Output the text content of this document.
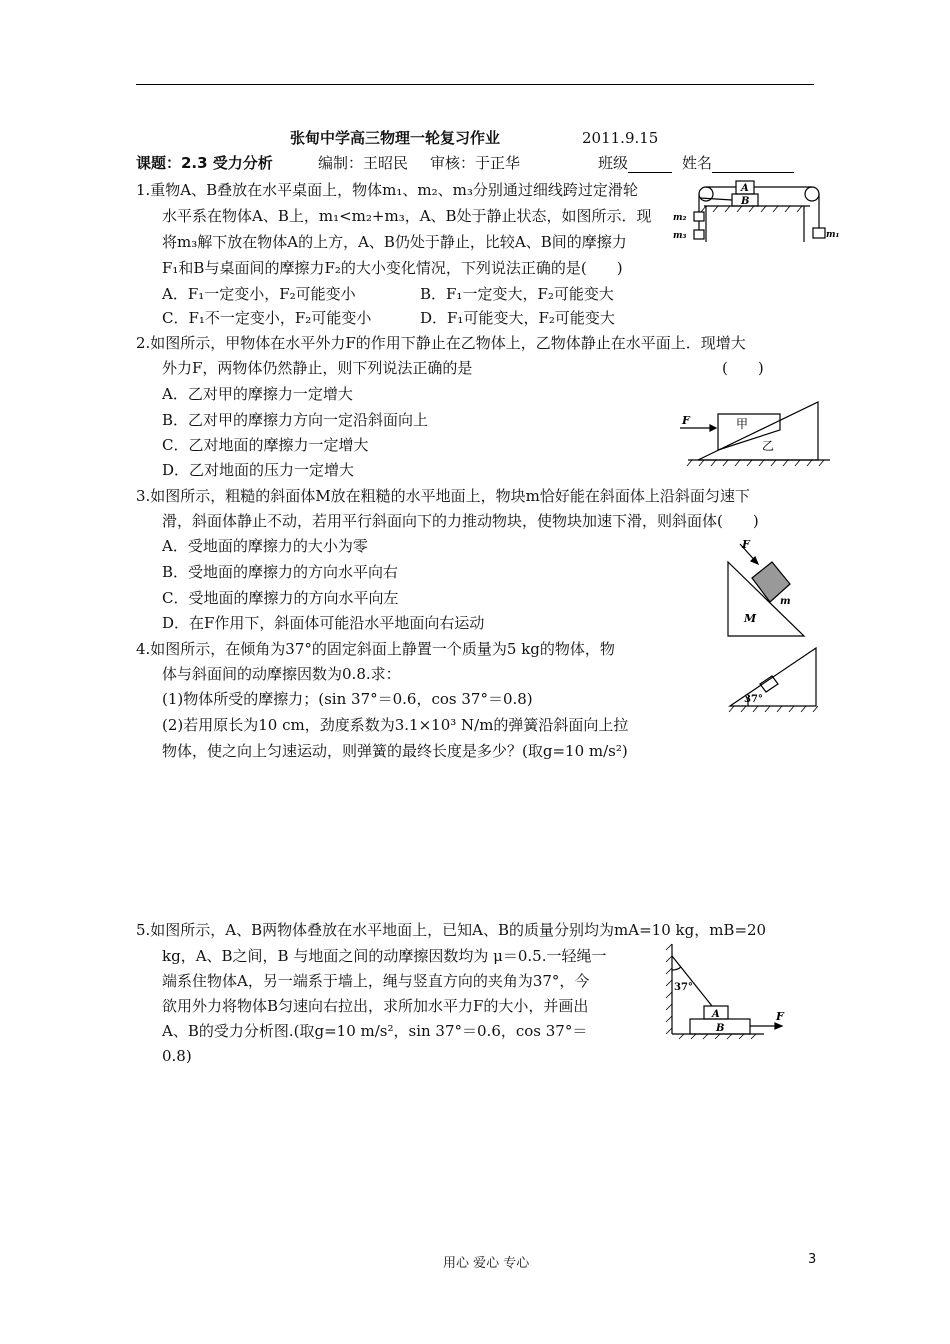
张甸中学高三物理一轮复习作业	2011.9.15
课题：2.3 受力分析	编制：王昭民 审核：于正华	班级	姓名
1.重物A、B叠放在水平桌面上，物体m₁、m₂、m₃分别通过细线跨过定滑轮
水平系在物体A、B上，m₁<m₂+m₃，A、B处于静止状态，如图所示．现
将m₃解下放在物体A的上方，A、B仍处于静止，比较A、B间的摩擦力
F₁和B与桌面间的摩擦力F₂的大小变化情况，下列说法正确的是(　　)
A．F₁一定变小，F₂可能变小	B．F₁一定变大，F₂可能变大
C．F₁不一定变小，F₂可能变小	D．F₁可能变大，F₂可能变大
A
B
m₂
m₃	m₁
2.如图所示，甲物体在水平外力F的作用下静止在乙物体上，乙物体静止在水平面上．现增大
外力F，两物体仍然静止，则下列说法正确的是	(　　)
A．乙对甲的摩擦力一定增大
B．乙对甲的摩擦力方向一定沿斜面向上
C．乙对地面的摩擦力一定增大
D．乙对地面的压力一定增大
F	甲
乙
3.如图所示，粗糙的斜面体M放在粗糙的水平地面上，物块m恰好能在斜面体上沿斜面匀速下
滑，斜面体静止不动，若用平行斜面向下的力推动物块，使物块加速下滑，则斜面体(　　)
A．受地面的摩擦力的大小为零
B．受地面的摩擦力的方向水平向右
C．受地面的摩擦力的方向水平向左
D．在F作用下，斜面体可能沿水平地面向右运动
F
m
M
4.如图所示，在倾角为37°的固定斜面上静置一个质量为5 kg的物体，物
体与斜面间的动摩擦因数为0.8.求：
(1)物体所受的摩擦力；(sin 37°＝0.6，cos 37°＝0.8)
(2)若用原长为10 cm，劲度系数为3.1×10³ N/m的弹簧沿斜面向上拉
物体，使之向上匀速运动，则弹簧的最终长度是多少？(取g=10 m/s²)
37°
5.如图所示，A、B两物体叠放在水平地面上，已知A、B的质量分别均为mA=10 kg，mB=20
kg，A、B之间，B 与地面之间的动摩擦因数均为 μ＝0.5.一轻绳一
端系住物体A，另一端系于墙上，绳与竖直方向的夹角为37°，今
欲用外力将物体B匀速向右拉出，求所加水平力F的大小，并画出
A、B的受力分析图.(取g=10 m/s²，sin 37°＝0.6，cos 37°＝
0.8)
37°
A
B
F
用心 爱心 专心	3
